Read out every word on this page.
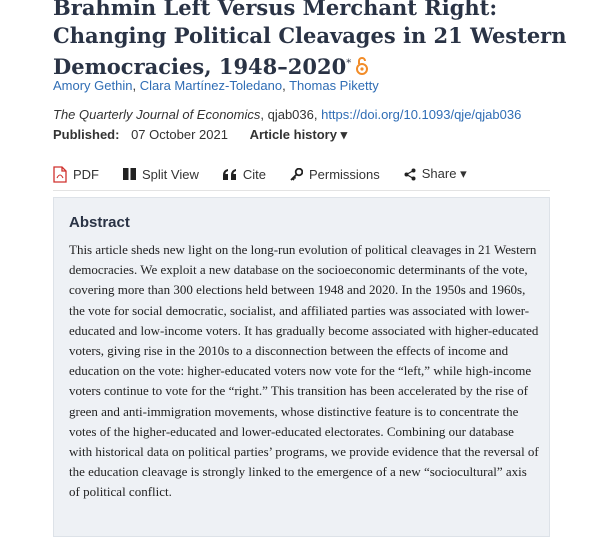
Brahmin Left Versus Merchant Right: Changing Political Cleavages in 21 Western Democracies, 1948–2020*
Amory Gethin, Clara Martínez-Toledano, Thomas Piketty
The Quarterly Journal of Economics, qjab036, https://doi.org/10.1093/qje/qjab036
Published: 07 October 2021 Article history ▾
PDF	Split View	Cite	Permissions	Share ▾
Abstract

This article sheds new light on the long-run evolution of political cleavages in 21 Western democracies. We exploit a new database on the socioeconomic determinants of the vote, covering more than 300 elections held between 1948 and 2020. In the 1950s and 1960s, the vote for social democratic, socialist, and affiliated parties was associated with lower-educated and low-income voters. It has gradually become associated with higher-educated voters, giving rise in the 2010s to a disconnection between the effects of income and education on the vote: higher-educated voters now vote for the “left,” while high-income voters continue to vote for the “right.” This transition has been accelerated by the rise of green and anti-immigration movements, whose distinctive feature is to concentrate the votes of the higher-educated and lower-educated electorates. Combining our database with historical data on political parties’ programs, we provide evidence that the reversal of the education cleavage is strongly linked to the emergence of a new “sociocultural” axis of political conflict.
